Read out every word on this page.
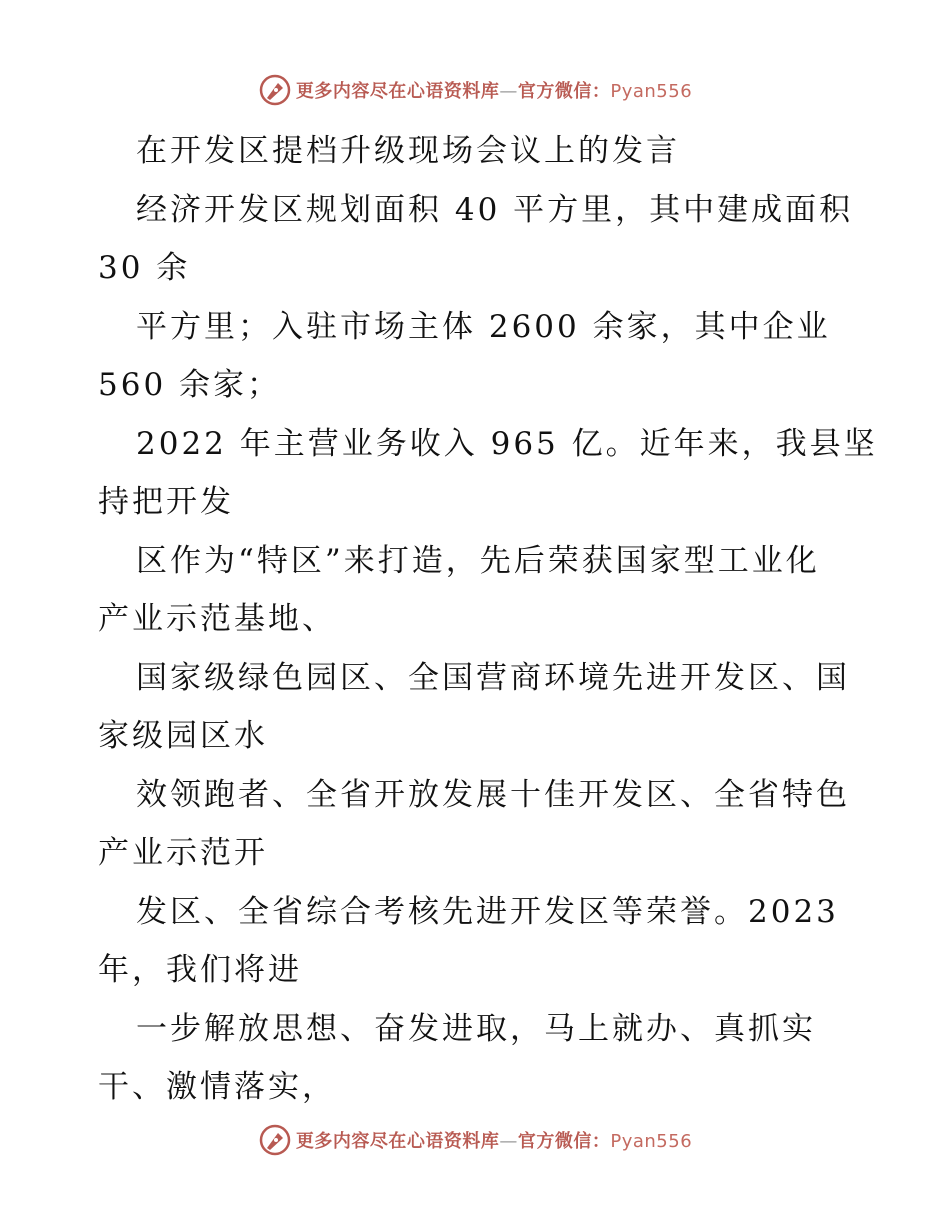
更多内容尽在心语资料库—官方微信：Pyan556
在开发区提档升级现场会议上的发言
经济开发区规划面积 40 平方里，其中建成面积
30 余
平方里；入驻市场主体 2600 余家，其中企业
560 余家；
2022 年主营业务收入 965 亿。近年来，我县坚
持把开发
区作为“特区”来打造，先后荣获国家型工业化
产业示范基地、
国家级绿色园区、全国营商环境先进开发区、国
家级园区水
效领跑者、全省开放发展十佳开发区、全省特色
产业示范开
发区、全省综合考核先进开发区等荣誉。2023
年，我们将进
一步解放思想、奋发进取，马上就办、真抓实
干、激情落实，
更多内容尽在心语资料库—官方微信：Pyan556
